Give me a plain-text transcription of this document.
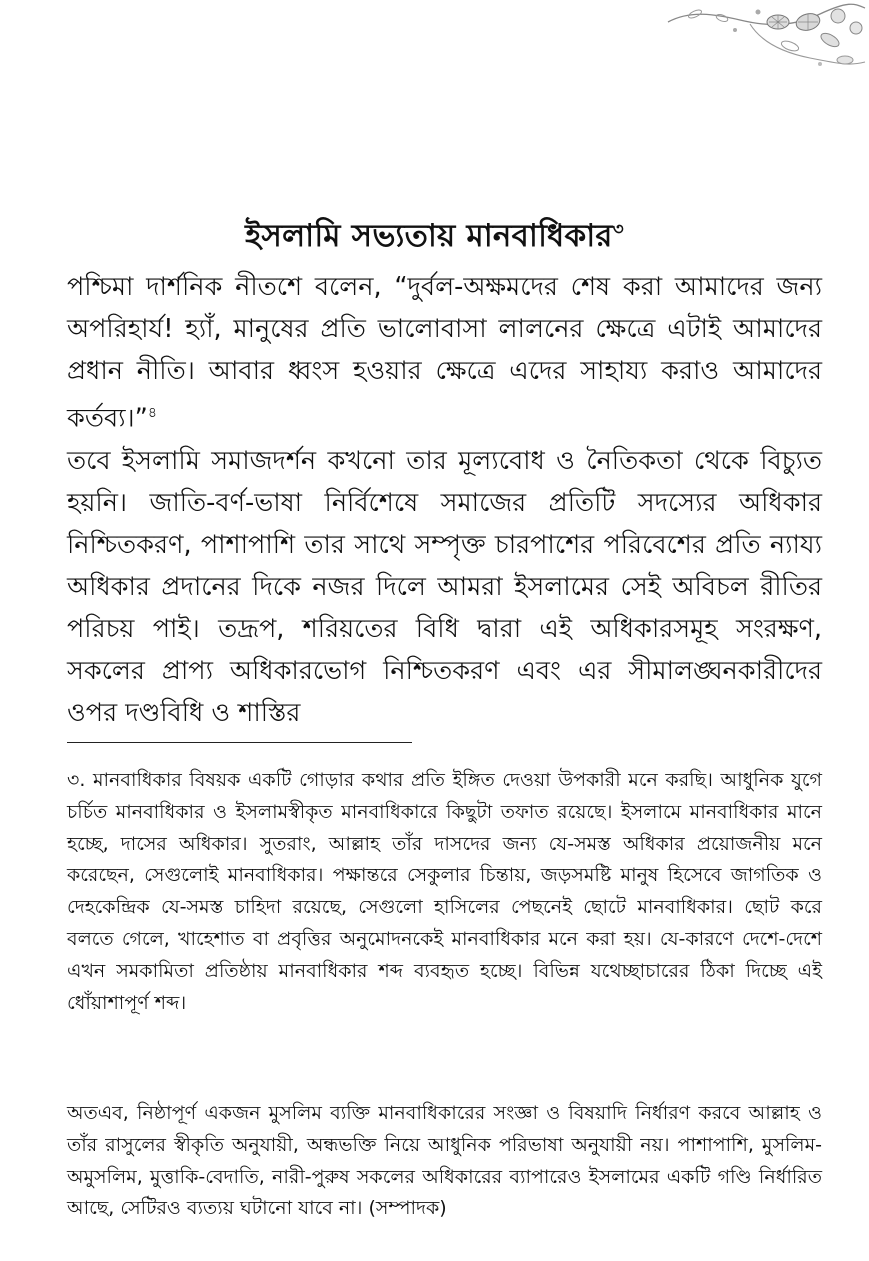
ইসলামি সভ্যতায় মানবাধিকার$^৩$
পশ্চিমা দার্শনিক নীতশে বলেন, “দুর্বল-অক্ষমদের শেষ করা আমাদের জন্য অপরিহার্য! হ্যাঁ, মানুষের প্রতি ভালোবাসা লালনের ক্ষেত্রে এটাই আমাদের প্রধান নীতি। আবার ধ্বংস হওয়ার ক্ষেত্রে এদের সাহায্য করাও আমাদের কর্তব্য।”$^৪$
তবে ইসলামি সমাজদর্শন কখনো তার মূল্যবোধ ও নৈতিকতা থেকে বিচ্যুত হয়নি। জাতি-বর্ণ-ভাষা নির্বিশেষে সমাজের প্রতিটি সদস্যের অধিকার নিশ্চিতকরণ, পাশাপাশি তার সাথে সম্পৃক্ত চারপাশের পরিবেশের প্রতি ন্যায্য অধিকার প্রদানের দিকে নজর দিলে আমরা ইসলামের সেই অবিচল রীতির পরিচয় পাই। তদ্রূপ, শরিয়তের বিধি দ্বারা এই অধিকারসমূহ সংরক্ষণ, সকলের প্রাপ্য অধিকারভোগ নিশ্চিতকরণ এবং এর সীমালঙ্ঘনকারীদের ওপর দণ্ডবিধি ও শাস্তির
৩. মানবাধিকার বিষয়ক একটি গোড়ার কথার প্রতি ইঙ্গিত দেওয়া উপকারী মনে করছি। আধুনিক যুগে চর্চিত মানবাধিকার ও ইসলামস্বীকৃত মানবাধিকারে কিছুটা তফাত রয়েছে। ইসলামে মানবাধিকার মানে হচ্ছে, দাসের অধিকার। সুতরাং, আল্লাহ তাঁর দাসদের জন্য যে-সমস্ত অধিকার প্রয়োজনীয় মনে করেছেন, সেগুলোই মানবাধিকার। পক্ষান্তরে সেকুলার চিন্তায়, জড়সমষ্টি মানুষ হিসেবে জাগতিক ও দেহকেন্দ্রিক যে-সমস্ত চাহিদা রয়েছে, সেগুলো হাসিলের পেছনেই ছোটে মানবাধিকার। ছোট করে বলতে গেলে, খাহেশাত বা প্রবৃত্তির অনুমোদনকেই মানবাধিকার মনে করা হয়। যে-কারণে দেশে-দেশে এখন সমকামিতা প্রতিষ্ঠায় মানবাধিকার শব্দ ব্যবহৃত হচ্ছে। বিভিন্ন যথেচ্ছাচারের ঠিকা দিচ্ছে এই ধোঁয়াশাপূর্ণ শব্দ।
অতএব, নিষ্ঠাপূর্ণ একজন মুসলিম ব্যক্তি মানবাধিকারের সংজ্ঞা ও বিষয়াদি নির্ধারণ করবে আল্লাহ ও তাঁর রাসুলের স্বীকৃতি অনুযায়ী, অন্ধভক্তি নিয়ে আধুনিক পরিভাষা অনুযায়ী নয়। পাশাপাশি, মুসলিম-অমুসলিম, মুত্তাকি-বেদাতি, নারী-পুরুষ সকলের অধিকারের ব্যাপারেও ইসলামের একটি গণ্ডি নির্ধারিত আছে, সেটিরও ব্যত্যয় ঘটানো যাবে না। (সম্পাদক)
